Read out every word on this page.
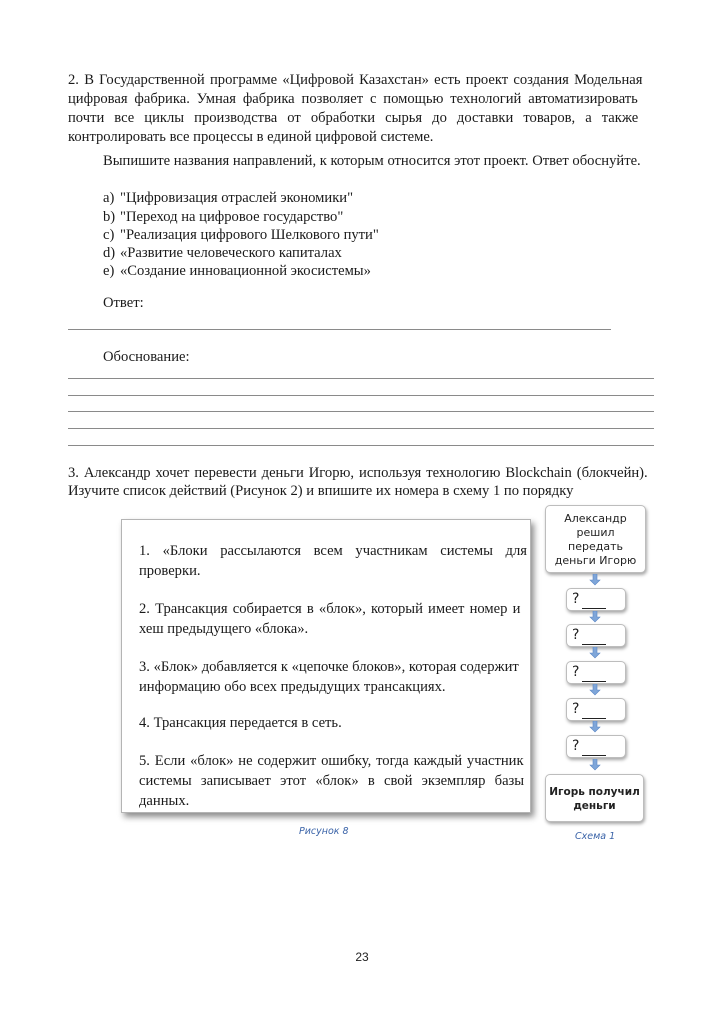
2. В Государственной программе «Цифровой Казахстан» есть проект создания Модельная
цифровая фабрика. Умная фабрика позволяет с помощью технологий автоматизировать
почти все циклы производства от обработки сырья до доставки товаров, а также
контролировать все процессы в единой цифровой системе.
Выпишите названия направлений, к которым относится этот проект. Ответ обоснуйте.
a) "Цифровизация отраслей экономики"
b) "Переход на цифровое государство"
c) "Реализация цифрового Шелкового пути"
d) «Развитие человеческого капиталах
e) «Создание инновационной экосистемы»
Ответ:
Обоснование:
3. Александр хочет перевести деньги Игорю, используя технологию Blockchain (блокчейн).
Изучите список действий (Рисунок 2) и впишите их номера в схему 1 по порядку
1. «Блоки рассылаются всем участникам системы для
проверки.
2. Трансакция собирается в «блок», который имеет номер и
хеш предыдущего «блока».
3. «Блок» добавляется к «цепочке блоков», которая содержит
информацию обо всех предыдущих трансакциях.
4. Трансакция передается в сеть.
5. Если «блок» не содержит ошибку, тогда каждый участник
системы записывает этот «блок» в свой экземпляр базы
данных.
Рисунок 8
Александр
решил
передать
деньги Игорю
?
?
?
?
?
Игорь получил
деньги
Схема 1
23
